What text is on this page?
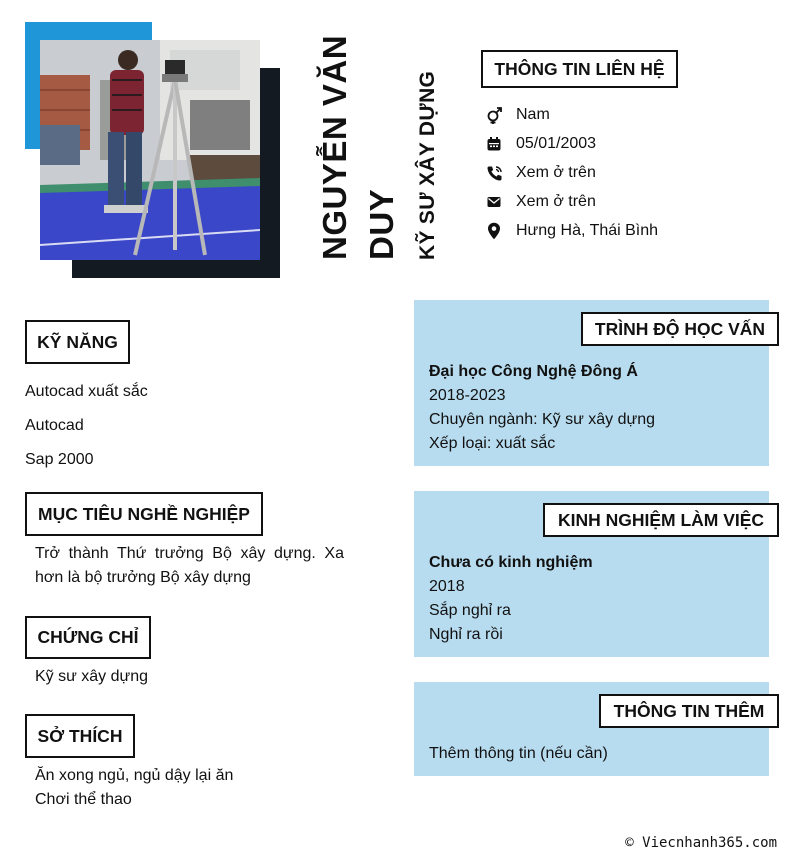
NGUYỄN VĂN DUY KỸ SƯ XÂY DỰNG
THÔNG TIN LIÊN HỆ
Nam
05/01/2003
Xem ở trên
Xem ở trên
Hưng Hà, Thái Bình
KỸ NĂNG
Autocad xuất sắc
Autocad
Sap 2000
MỤC TIÊU NGHỀ NGHIỆP
Trở thành Thứ trưởng Bộ xây dựng. Xa hơn là bộ trưởng Bộ xây dựng
CHỨNG CHỈ
Kỹ sư xây dựng
SỞ THÍCH
Ăn xong ngủ, ngủ dậy lại ăn
Chơi thể thao
TRÌNH ĐỘ HỌC VẤN
Đại học Công Nghệ Đông Á
2018-2023
Chuyên ngành: Kỹ sư xây dựng
Xếp loại: xuất sắc
KINH NGHIỆM LÀM VIỆC
Chưa có kinh nghiệm
2018
Sắp nghỉ ra
Nghỉ ra rồi
THÔNG TIN THÊM
Thêm thông tin (nếu cần)
© Viecnhanh365.com
